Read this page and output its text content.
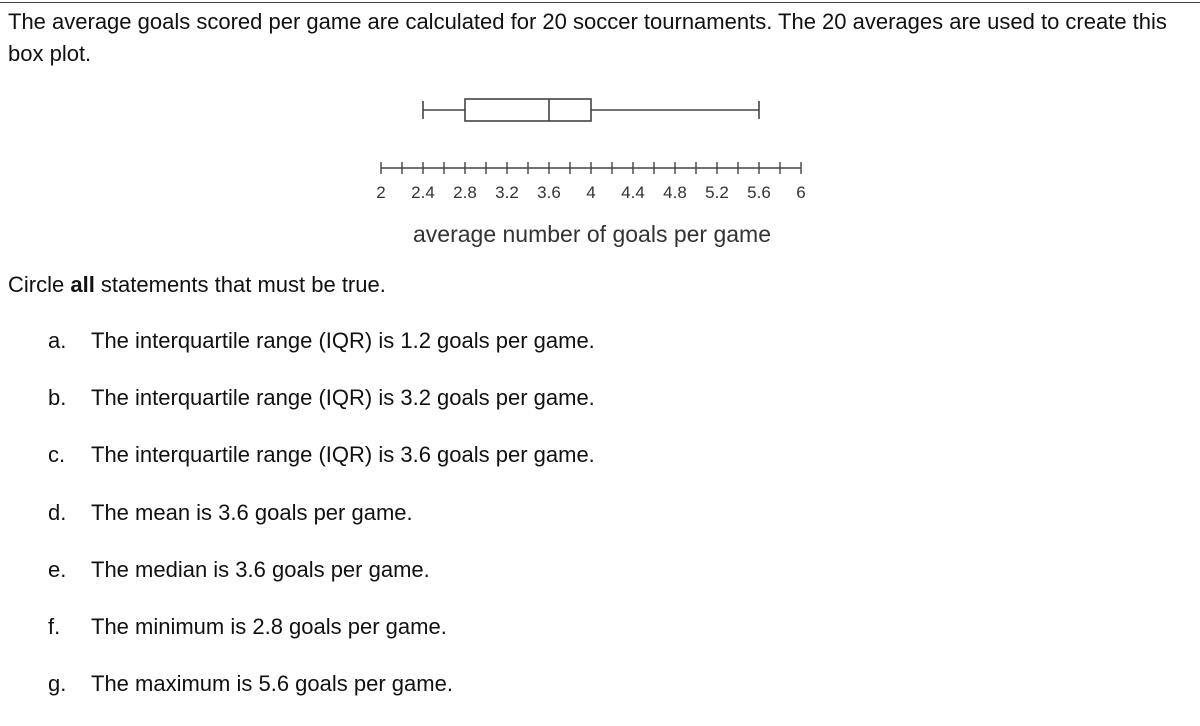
The average goals scored per game are calculated for 20 soccer tournaments. The 20 averages are used to create this box plot.

2 2.4 2.8 3.2 3.6 4 4.4 4.8 5.2 5.6 6
average number of goals per game

Circle all statements that must be true.

a. The interquartile range (IQR) is 1.2 goals per game.
b. The interquartile range (IQR) is 3.2 goals per game.
c. The interquartile range (IQR) is 3.6 goals per game.
d. The mean is 3.6 goals per game.
e. The median is 3.6 goals per game.
f. The minimum is 2.8 goals per game.
g. The maximum is 5.6 goals per game.
